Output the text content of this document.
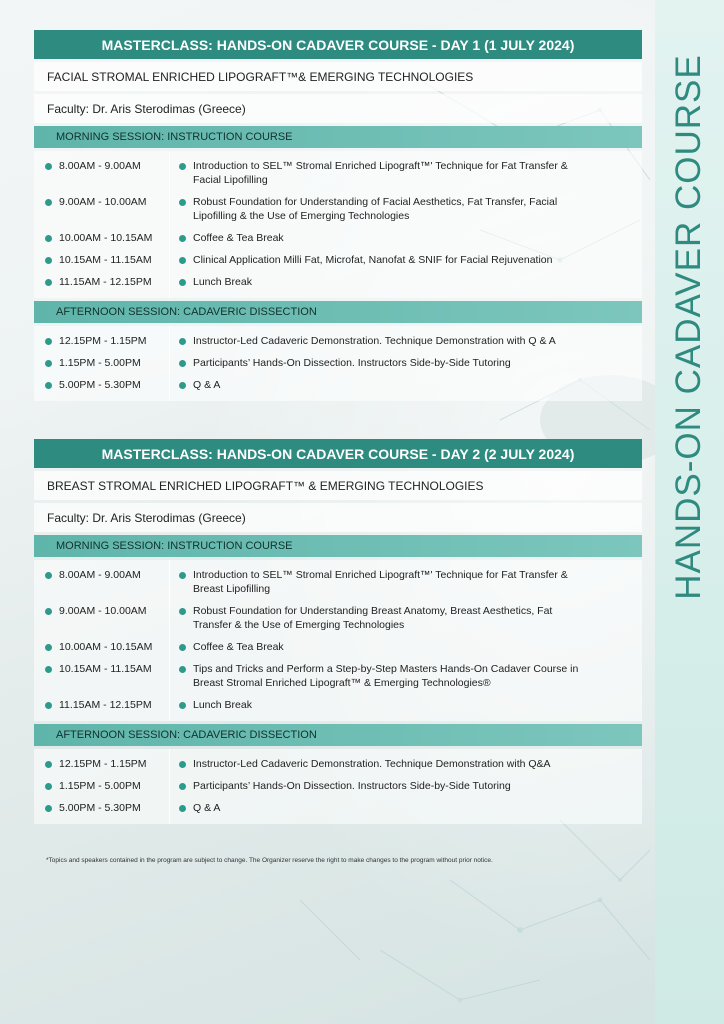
HANDS-ON CADAVER COURSE
MASTERCLASS: HANDS-ON CADAVER COURSE - DAY 1 (1 JULY 2024)
FACIAL STROMAL ENRICHED LIPOGRAFT™& EMERGING TECHNOLOGIES
Faculty: Dr. Aris Sterodimas (Greece)
MORNING SESSION: INSTRUCTION COURSE
8.00AM - 9.00AM	Introduction to SEL™ Stromal Enriched Lipograft™' Technique for Fat Transfer & Facial Lipofilling
9.00AM - 10.00AM	Robust Foundation for Understanding of Facial Aesthetics, Fat Transfer, Facial Lipofilling & the Use of Emerging Technologies
10.00AM - 10.15AM	Coffee & Tea Break
10.15AM - 11.15AM	Clinical Application Milli Fat, Microfat, Nanofat & SNIF for Facial Rejuvenation
11.15AM - 12.15PM	Lunch Break
AFTERNOON SESSION: CADAVERIC DISSECTION
12.15PM - 1.15PM	Instructor-Led Cadaveric Demonstration. Technique Demonstration with Q & A
1.15PM - 5.00PM	Participants’ Hands-On Dissection. Instructors Side-by-Side Tutoring
5.00PM - 5.30PM	Q & A
MASTERCLASS: HANDS-ON CADAVER COURSE - DAY 2 (2 JULY 2024)
BREAST STROMAL ENRICHED LIPOGRAFT™ & EMERGING TECHNOLOGIES
Faculty: Dr. Aris Sterodimas (Greece)
MORNING SESSION: INSTRUCTION COURSE
8.00AM - 9.00AM	Introduction to SEL™ Stromal Enriched Lipograft™' Technique for Fat Transfer & Breast Lipofilling
9.00AM - 10.00AM	Robust Foundation for Understanding Breast Anatomy, Breast Aesthetics, Fat Transfer & the Use of Emerging Technologies
10.00AM - 10.15AM	Coffee & Tea Break
10.15AM - 11.15AM	Tips and Tricks and Perform a Step-by-Step Masters Hands-On Cadaver Course in Breast Stromal Enriched Lipograft™ & Emerging Technologies®
11.15AM - 12.15PM	Lunch Break
AFTERNOON SESSION: CADAVERIC DISSECTION
12.15PM - 1.15PM	Instructor-Led Cadaveric Demonstration. Technique Demonstration with Q&A
1.15PM - 5.00PM	Participants’ Hands-On Dissection. Instructors Side-by-Side Tutoring
5.00PM - 5.30PM	Q & A
*Topics and speakers contained in the program are subject to change. The Organizer reserve the right to make changes to the program without prior notice.
